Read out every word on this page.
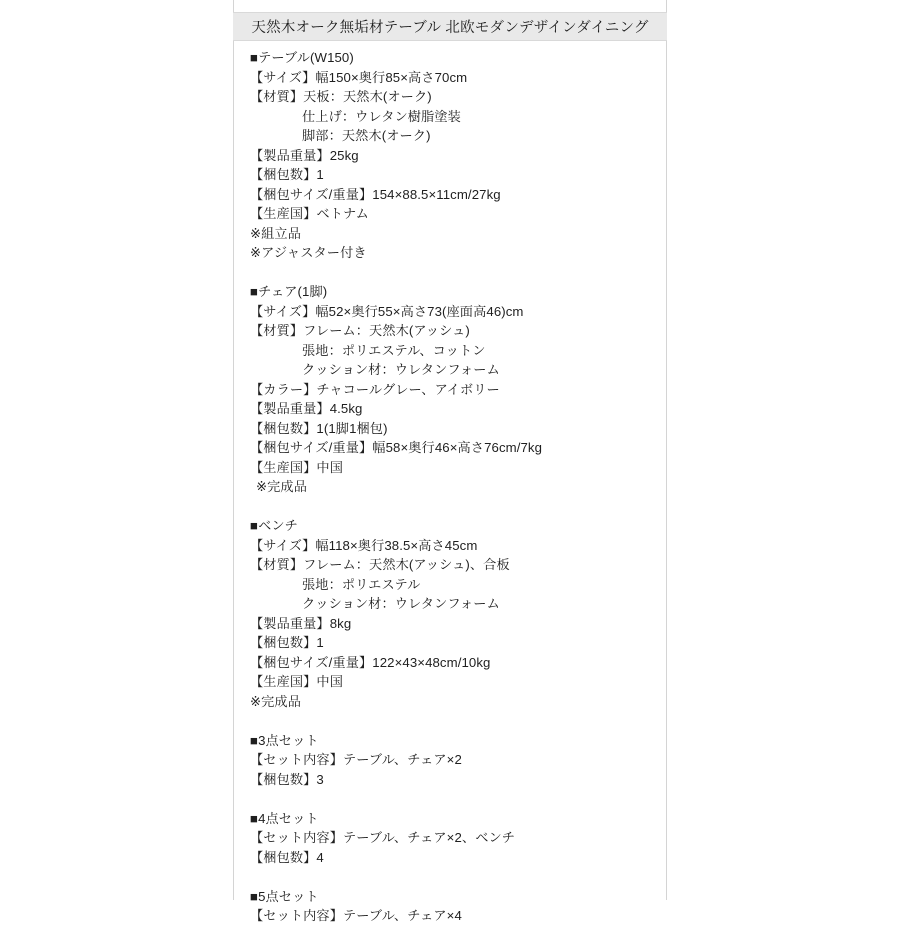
天然木オーク無垢材テーブル 北欧モダンデザインダイニング
■テーブル(W150)
【サイズ】幅150×奥行85×高さ70cm
【材質】天板：天然木(オーク)
仕上げ：ウレタン樹脂塗装
脚部：天然木(オーク)
【製品重量】25kg
【梱包数】1
【梱包サイズ/重量】154×88.5×11cm/27kg
【生産国】ベトナム
※組立品
※アジャスター付き
■チェア(1脚)
【サイズ】幅52×奥行55×高さ73(座面高46)cm
【材質】フレーム：天然木(アッシュ)
張地：ポリエステル、コットン
クッション材：ウレタンフォーム
【カラー】チャコールグレー、アイボリー
【製品重量】4.5kg
【梱包数】1(1脚1梱包)
【梱包サイズ/重量】幅58×奥行46×高さ76cm/7kg
【生産国】中国
※完成品
■ベンチ
【サイズ】幅118×奥行38.5×高さ45cm
【材質】フレーム：天然木(アッシュ)、合板
張地：ポリエステル
クッション材：ウレタンフォーム
【製品重量】8kg
【梱包数】1
【梱包サイズ/重量】122×43×48cm/10kg
【生産国】中国
※完成品
■3点セット
【セット内容】テーブル、チェア×2
【梱包数】3
■4点セット
【セット内容】テーブル、チェア×2、ベンチ
【梱包数】4
■5点セット
【セット内容】テーブル、チェア×4
